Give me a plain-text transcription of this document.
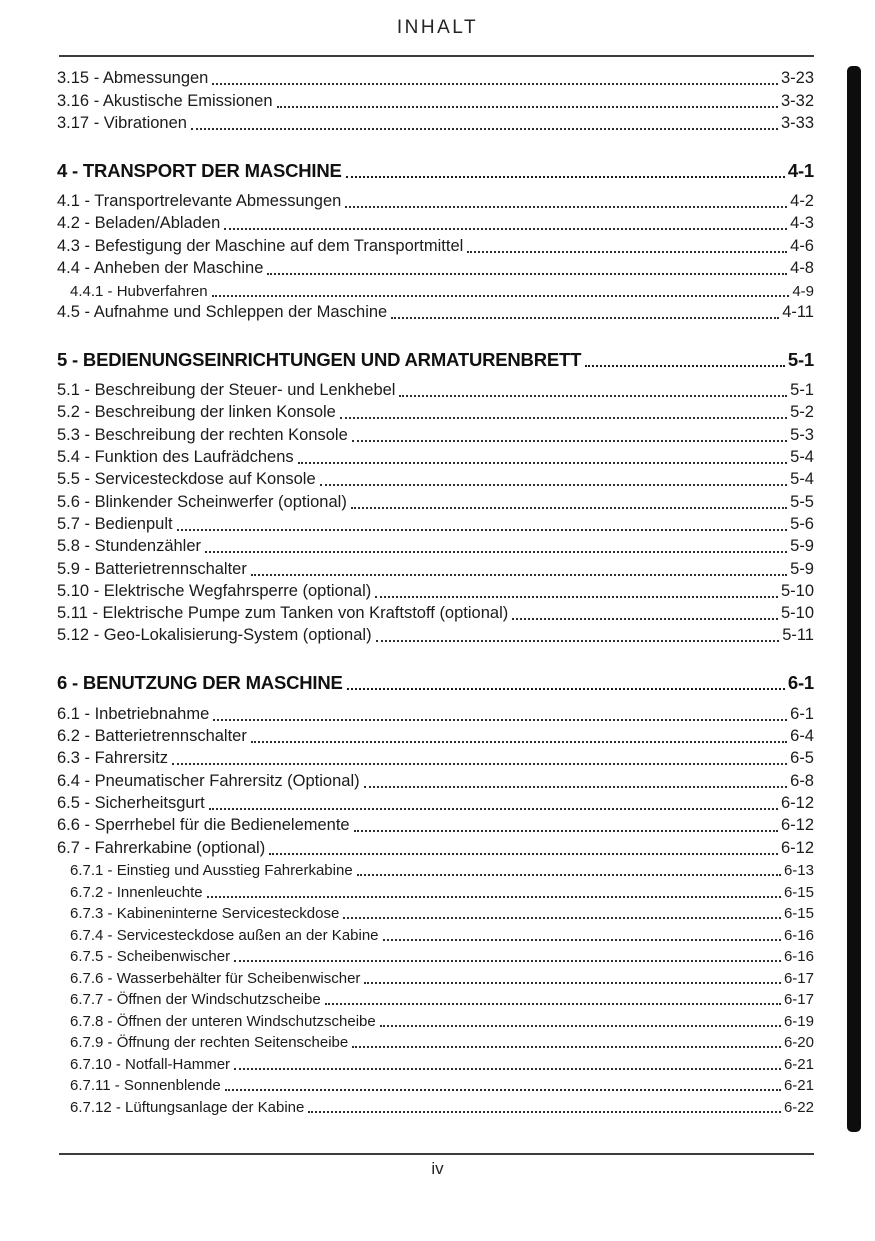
INHALT
3.15 - Abmessungen	3-23
3.16 - Akustische Emissionen	3-32
3.17 - Vibrationen	3-33
4 - TRANSPORT DER MASCHINE	4-1
4.1 - Transportrelevante Abmessungen	4-2
4.2 - Beladen/Abladen	4-3
4.3 - Befestigung der Maschine auf dem Transportmittel	4-6
4.4 - Anheben der Maschine	4-8
4.4.1 - Hubverfahren	4-9
4.5 - Aufnahme und Schleppen der Maschine	4-11
5 - BEDIENUNGSEINRICHTUNGEN UND ARMATURENBRETT	5-1
5.1 - Beschreibung der Steuer- und Lenkhebel	5-1
5.2 - Beschreibung der linken Konsole	5-2
5.3 - Beschreibung der rechten Konsole	5-3
5.4 - Funktion des Laufrädchens	5-4
5.5 - Servicesteckdose auf Konsole	5-4
5.6 - Blinkender Scheinwerfer (optional)	5-5
5.7 - Bedienpult	5-6
5.8 - Stundenzähler	5-9
5.9 - Batterietrennschalter	5-9
5.10 - Elektrische Wegfahrsperre (optional)	5-10
5.11 - Elektrische Pumpe zum Tanken von Kraftstoff (optional)	5-10
5.12 - Geo-Lokalisierung-System (optional)	5-11
6 - BENUTZUNG DER MASCHINE	6-1
6.1 - Inbetriebnahme	6-1
6.2 - Batterietrennschalter	6-4
6.3 - Fahrersitz	6-5
6.4 - Pneumatischer Fahrersitz (Optional)	6-8
6.5 - Sicherheitsgurt	6-12
6.6 - Sperrhebel für die Bedienelemente	6-12
6.7 - Fahrerkabine (optional)	6-12
6.7.1 - Einstieg und Ausstieg Fahrerkabine	6-13
6.7.2 - Innenleuchte	6-15
6.7.3 - Kabineninterne Servicesteckdose	6-15
6.7.4 - Servicesteckdose außen an der Kabine	6-16
6.7.5 - Scheibenwischer	6-16
6.7.6 - Wasserbehälter für Scheibenwischer	6-17
6.7.7 - Öffnen der Windschutzscheibe	6-17
6.7.8 - Öffnen der unteren Windschutzscheibe	6-19
6.7.9 - Öffnung der rechten Seitenscheibe	6-20
6.7.10 - Notfall-Hammer	6-21
6.7.11 - Sonnenblende	6-21
6.7.12 - Lüftungsanlage der Kabine	6-22
iv
